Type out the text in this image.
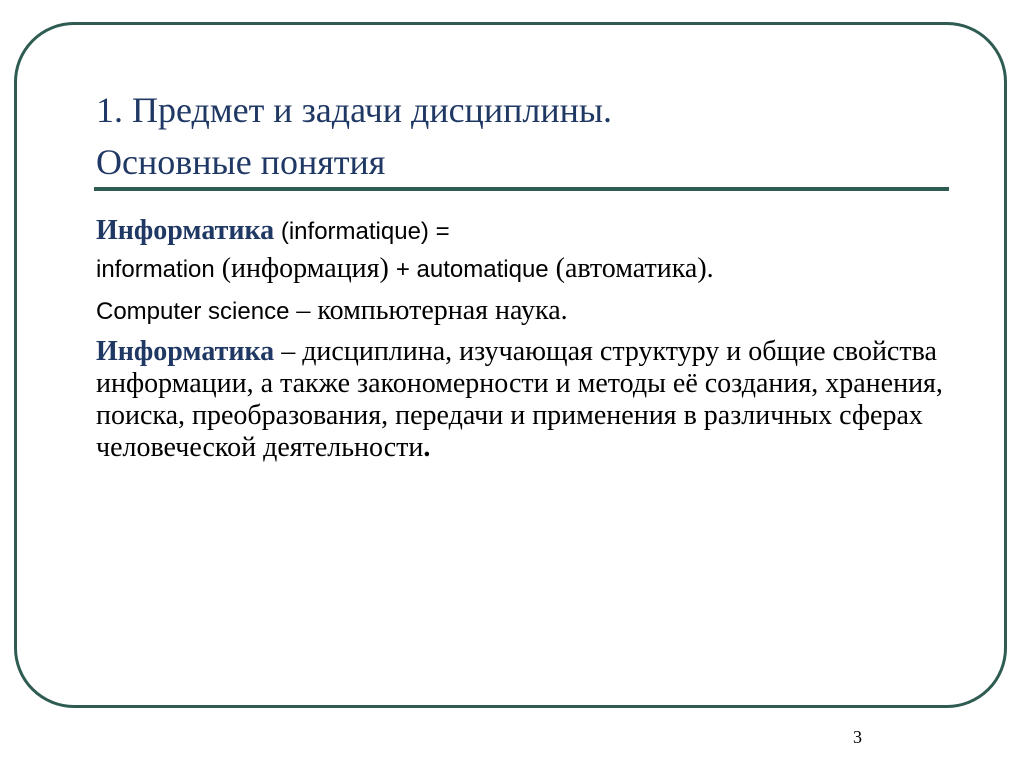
1. Предмет и задачи дисциплины.
Основные понятия

Информатика (informatique) =
information (информация) + automatique (автоматика).

Computer science – компьютерная наука.

Информатика – дисциплина, изучающая структуру и общие свойства информации, а также закономерности и методы её создания, хранения, поиска, преобразования, передачи и применения в различных сферах человеческой деятельности.

3
